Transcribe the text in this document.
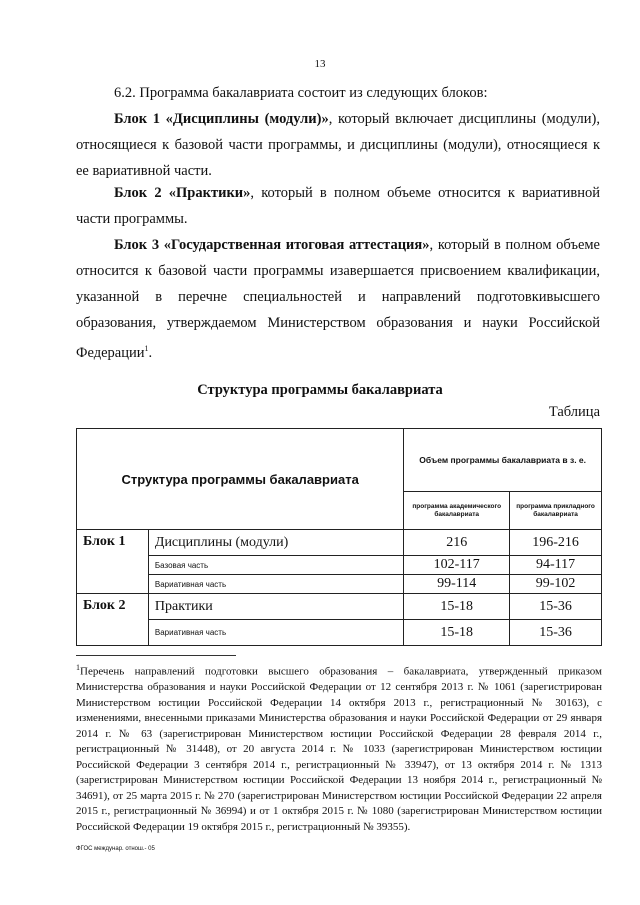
13

6.2. Программа бакалавриата состоит из следующих блоков:

Блок 1 «Дисциплины (модули)», который включает дисциплины (модули), относящиеся к базовой части программы, и дисциплины (модули), относящиеся к ее вариативной части.

Блок 2 «Практики», который в полном объеме относится к вариативной части программы.

Блок 3 «Государственная итоговая аттестация», который в полном объеме относится к базовой части программы изавершается присвоением квалификации, указанной в перечне специальностей и направлений подготовкивысшего образования, утверждаемом Министерством образования и науки Российской Федерации$^1$.

Структура программы бакалавриата
Таблица
Структура программы бакалавриата		Объем программы бакалавриата в з. е.	
		программа академического бакалавриата	программа прикладного бакалавриата
Блок 1	Дисциплины (модули)	216	196-216
	Базовая часть	102-117	94-117
	Вариативная часть	99-114	99-102
Блок 2	Практики	15-18	15-36
	Вариативная часть	15-18	15-36

$^1$Перечень направлений подготовки высшего образования – бакалавриата, утвержденный приказом Министерства образования и науки Российской Федерации от 12 сентября 2013 г. № 1061 (зарегистрирован Министерством юстиции Российской Федерации 14 октября 2013 г., регистрационный № 30163), с изменениями, внесенными приказами Министерства образования и науки Российской Федерации от 29 января 2014 г. № 63 (зарегистрирован Министерством юстиции Российской Федерации 28 февраля 2014 г., регистрационный № 31448), от 20 августа 2014 г. № 1033 (зарегистрирован Министерством юстиции Российской Федерации 3 сентября 2014 г., регистрационный № 33947), от 13 октября 2014 г. № 1313 (зарегистрирован Министерством юстиции Российской Федерации 13 ноября 2014 г., регистрационный № 34691), от 25 марта 2015 г. № 270 (зарегистрирован Министерством юстиции Российской Федерации 22 апреля 2015 г., регистрационный № 36994) и от 1 октября 2015 г. № 1080 (зарегистрирован Министерством юстиции Российской Федерации 19 октября 2015 г., регистрационный № 39355).

ФГОС междунар. отнош.- 05
